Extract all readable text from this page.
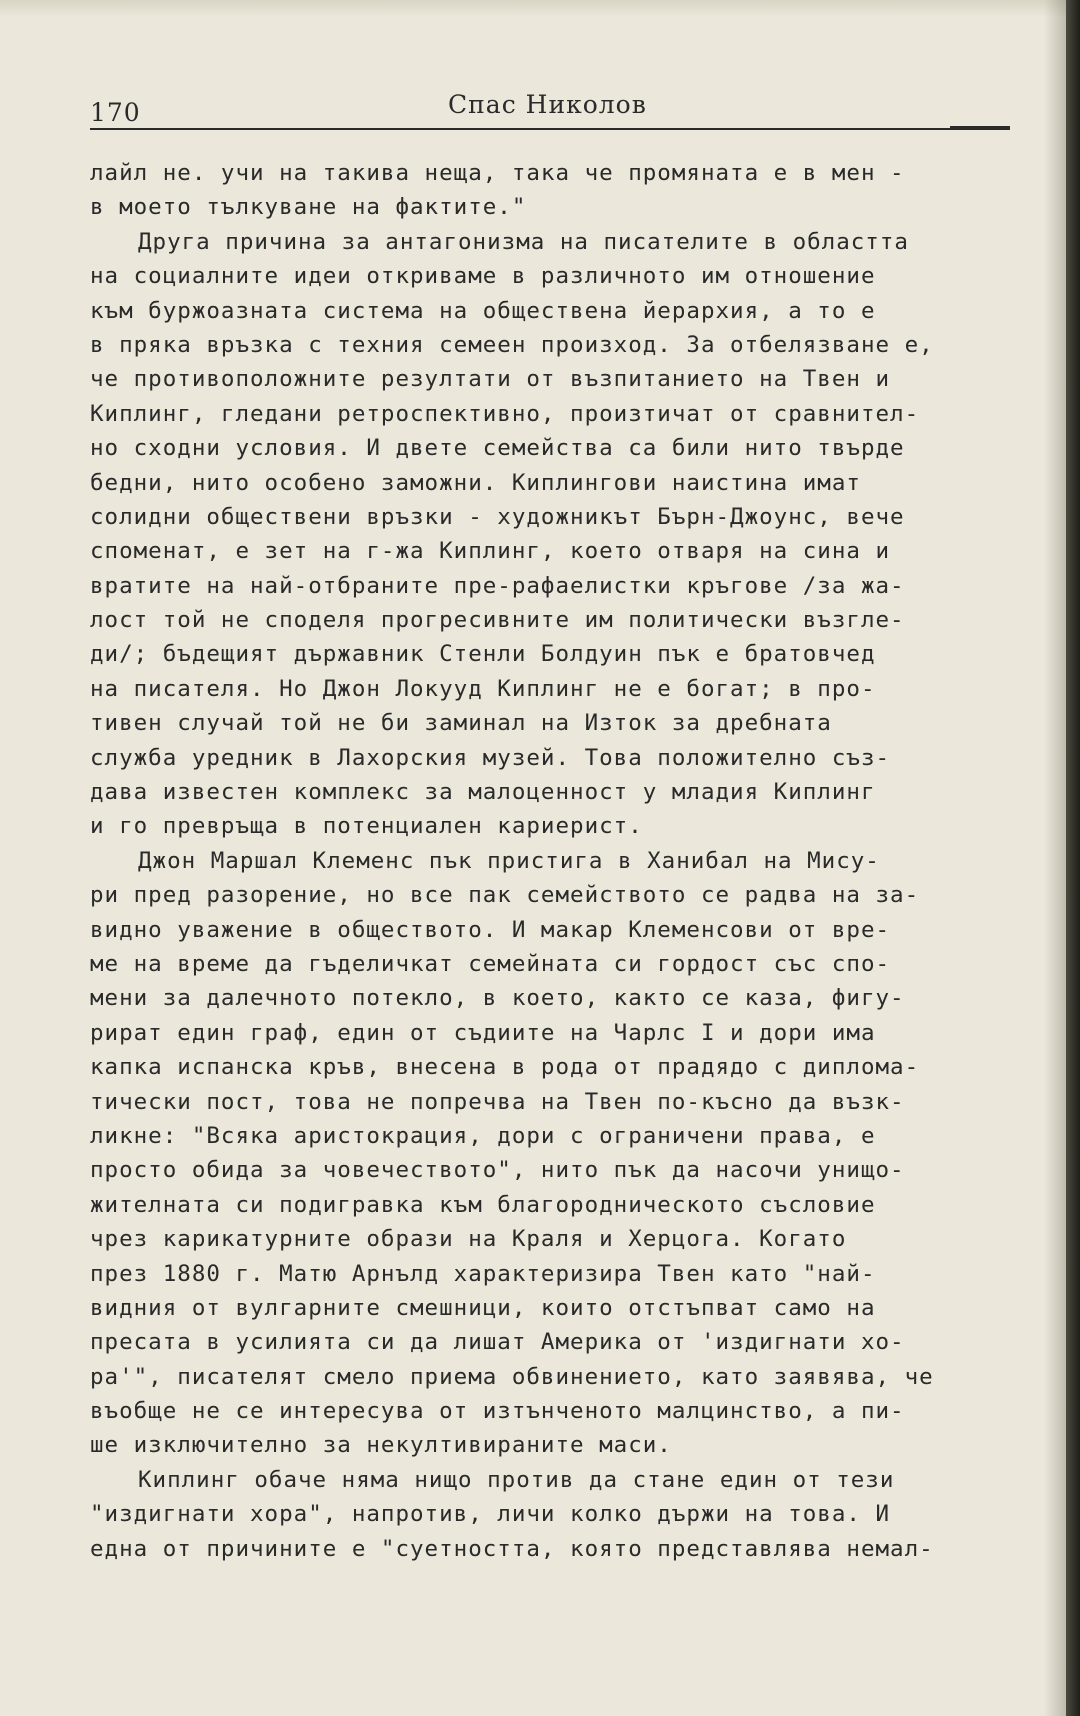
170	Спас Николов
лайл не. учи на такива неща, така че промяната е в мен -
в моето тълкуване на фактите."
Друга причина за антагонизма на писателите в областта
на социалните идеи откриваме в различното им отношение
към буржоазната система на обществена йерархия, а то е
в пряка връзка с техния семеен произход. За отбелязване е,
че противоположните резултати от възпитанието на Твен и
Киплинг, гледани ретроспективно, произтичат от сравнител-
но сходни условия. И двете семейства са били нито твърде
бедни, нито особено заможни. Киплингови наистина имат
солидни обществени връзки - художникът Бърн-Джоунс, вече
споменат, е зет на г-жа Киплинг, което отваря на сина и
вратите на най-отбраните пре-рафаелистки кръгове /за жа-
лост той не споделя прогресивните им политически възгле-
ди/; бъдещият държавник Стенли Болдуин пък е братовчед
на писателя. Но Джон Локууд Киплинг не е богат; в про-
тивен случай той не би заминал на Изток за дребната
служба уредник в Лахорския музей. Това положително съз-
дава известен комплекс за малоценност у младия Киплинг
и го превръща в потенциален кариерист.
Джон Маршал Клеменс пък пристига в Ханибал на Мису-
ри пред разорение, но все пак семейството се радва на за-
видно уважение в обществото. И макар Клеменсови от вре-
ме на време да гъделичкат семейната си гордост със спо-
мени за далечното потекло, в което, както се каза, фигу-
рират един граф, един от съдиите на Чарлс I и дори има
капка испанска кръв, внесена в рода от прадядо с диплома-
тически пост, това не попречва на Твен по-късно да възк-
ликне: "Всяка аристокрация, дори с ограничени права, е
просто обида за човечеството", нито пък да насочи унищо-
жителната си подигравка към благородническото съсловие
чрез карикатурните образи на Краля и Херцога. Когато
през 1880 г. Матю Арнълд характеризира Твен като "най-
видния от вулгарните смешници, които отстъпват само на
пресата в усилията си да лишат Америка от 'издигнати хо-
ра'", писателят смело приема обвинението, като заявява, че
въобще не се интересува от изтънченото малцинство, а пи-
ше изключително за некултивираните маси.
Киплинг обаче няма нищо против да стане един от тези
"издигнати хора", напротив, личи колко държи на това. И
една от причините е "суетността, която представлява немал-
